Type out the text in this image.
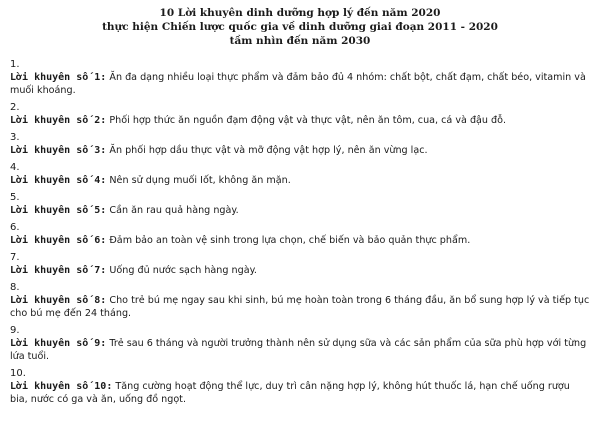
10 Lời khuyên dinh dưỡng hợp lý đến năm 2020
thực hiện Chiến lược quốc gia về dinh dưỡng giai đoạn 2011 - 2020
tầm nhìn đến năm 2030
1.
Lời khuyên số 1: Ăn đa dạng nhiều loại thực phẩm và đảm bảo đủ 4 nhóm: chất bột, chất đạm, chất béo, vitamin và muối khoáng.
2.
Lời khuyên số 2: Phối hợp thức ăn nguồn đạm động vật và thực vật, nên ăn tôm, cua, cá và đậu đỗ.
3.
Lời khuyên số 3: Ăn phối hợp dầu thực vật và mỡ động vật hợp lý, nên ăn vừng lạc.
4.
Lời khuyên số 4: Nên sử dụng muối Iốt, không ăn mặn.
5.
Lời khuyên số 5: Cần ăn rau quả hàng ngày.
6.
Lời khuyên số 6: Đảm bảo an toàn vệ sinh trong lựa chọn, chế biến và bảo quản thực phẩm.
7.
Lời khuyên số 7: Uống đủ nước sạch hàng ngày.
8.
Lời khuyên số 8: Cho trẻ bú mẹ ngay sau khi sinh, bú mẹ hoàn toàn trong 6 tháng đầu, ăn bổ sung hợp lý và tiếp tục cho bú mẹ đến 24 tháng.
9.
Lời khuyên số 9: Trẻ sau 6 tháng và người trưởng thành nên sử dụng sữa và các sản phẩm của sữa phù hợp với từng lứa tuổi.
10.
Lời khuyên số 10: Tăng cường hoạt động thể lực, duy trì cân nặng hợp lý, không hút thuốc lá, hạn chế uống rượu bia, nước có ga và ăn, uống đồ ngọt.
